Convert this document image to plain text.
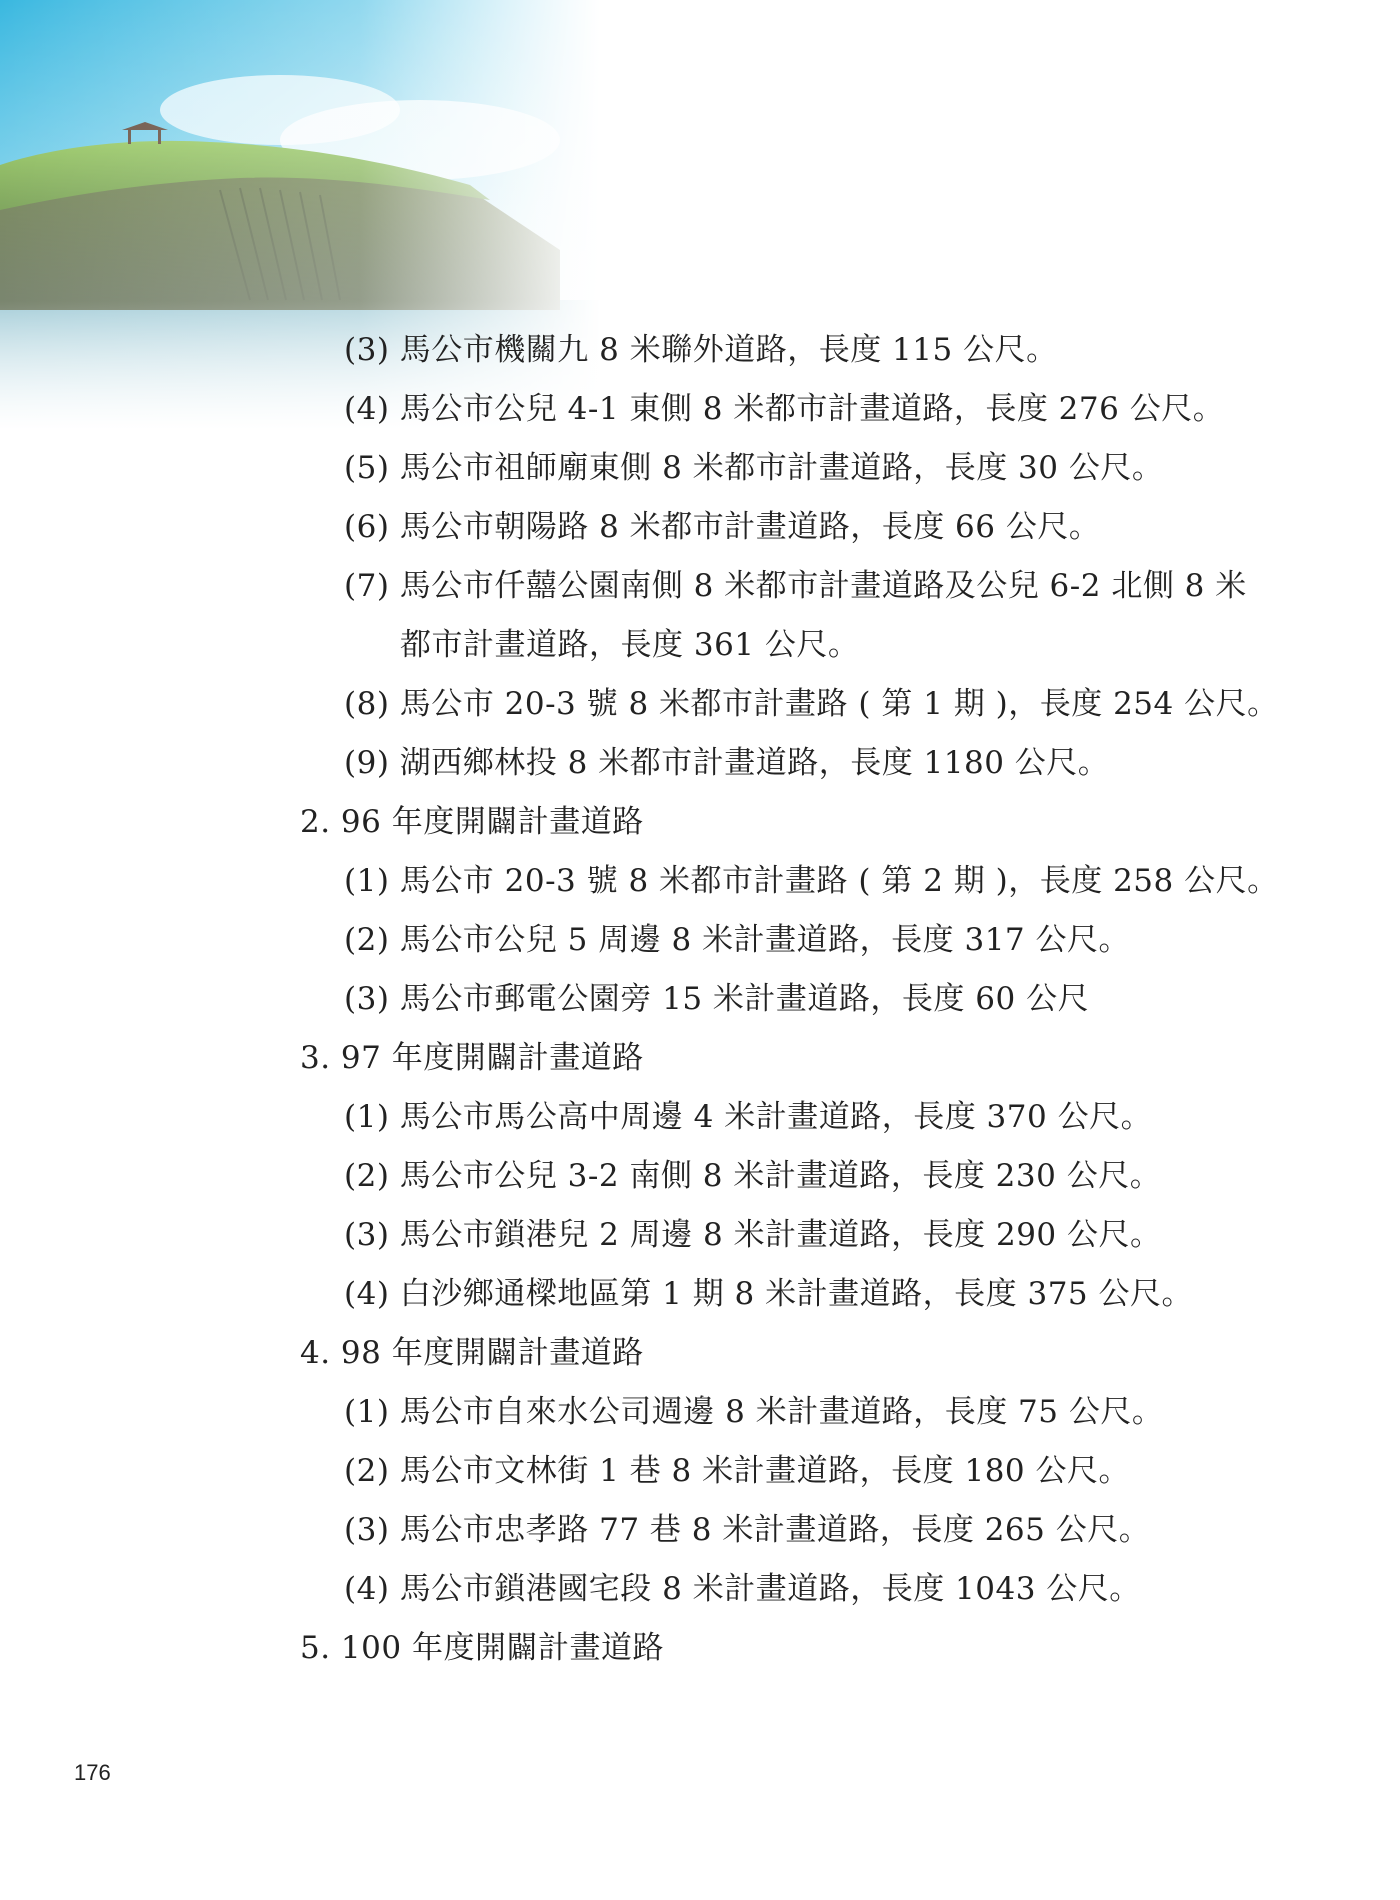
(3) 馬公市機關九 8 米聯外道路，長度 115 公尺。
(4) 馬公市公兒 4-1 東側 8 米都市計畫道路，長度 276 公尺。
(5) 馬公市祖師廟東側 8 米都市計畫道路，長度 30 公尺。
(6) 馬公市朝陽路 8 米都市計畫道路，長度 66 公尺。
(7) 馬公市仟囍公園南側 8 米都市計畫道路及公兒 6-2 北側 8 米
都市計畫道路，長度 361 公尺。
(8) 馬公市 20-3 號 8 米都市計畫路 ( 第 1 期 )，長度 254 公尺。
(9) 湖西鄉林投 8 米都市計畫道路，長度 1180 公尺。
2. 96 年度開闢計畫道路
(1) 馬公市 20-3 號 8 米都市計畫路 ( 第 2 期 )，長度 258 公尺。
(2) 馬公市公兒 5 周邊 8 米計畫道路，長度 317 公尺。
(3) 馬公市郵電公園旁 15 米計畫道路，長度 60 公尺
3. 97 年度開闢計畫道路
(1) 馬公市馬公高中周邊 4 米計畫道路，長度 370 公尺。
(2) 馬公市公兒 3-2 南側 8 米計畫道路，長度 230 公尺。
(3) 馬公市鎖港兒 2 周邊 8 米計畫道路，長度 290 公尺。
(4) 白沙鄉通樑地區第 1 期 8 米計畫道路，長度 375 公尺。
4. 98 年度開闢計畫道路
(1) 馬公市自來水公司週邊 8 米計畫道路，長度 75 公尺。
(2) 馬公市文林街 1 巷 8 米計畫道路，長度 180 公尺。
(3) 馬公市忠孝路 77 巷 8 米計畫道路，長度 265 公尺。
(4) 馬公市鎖港國宅段 8 米計畫道路，長度 1043 公尺。
5. 100 年度開闢計畫道路
176
